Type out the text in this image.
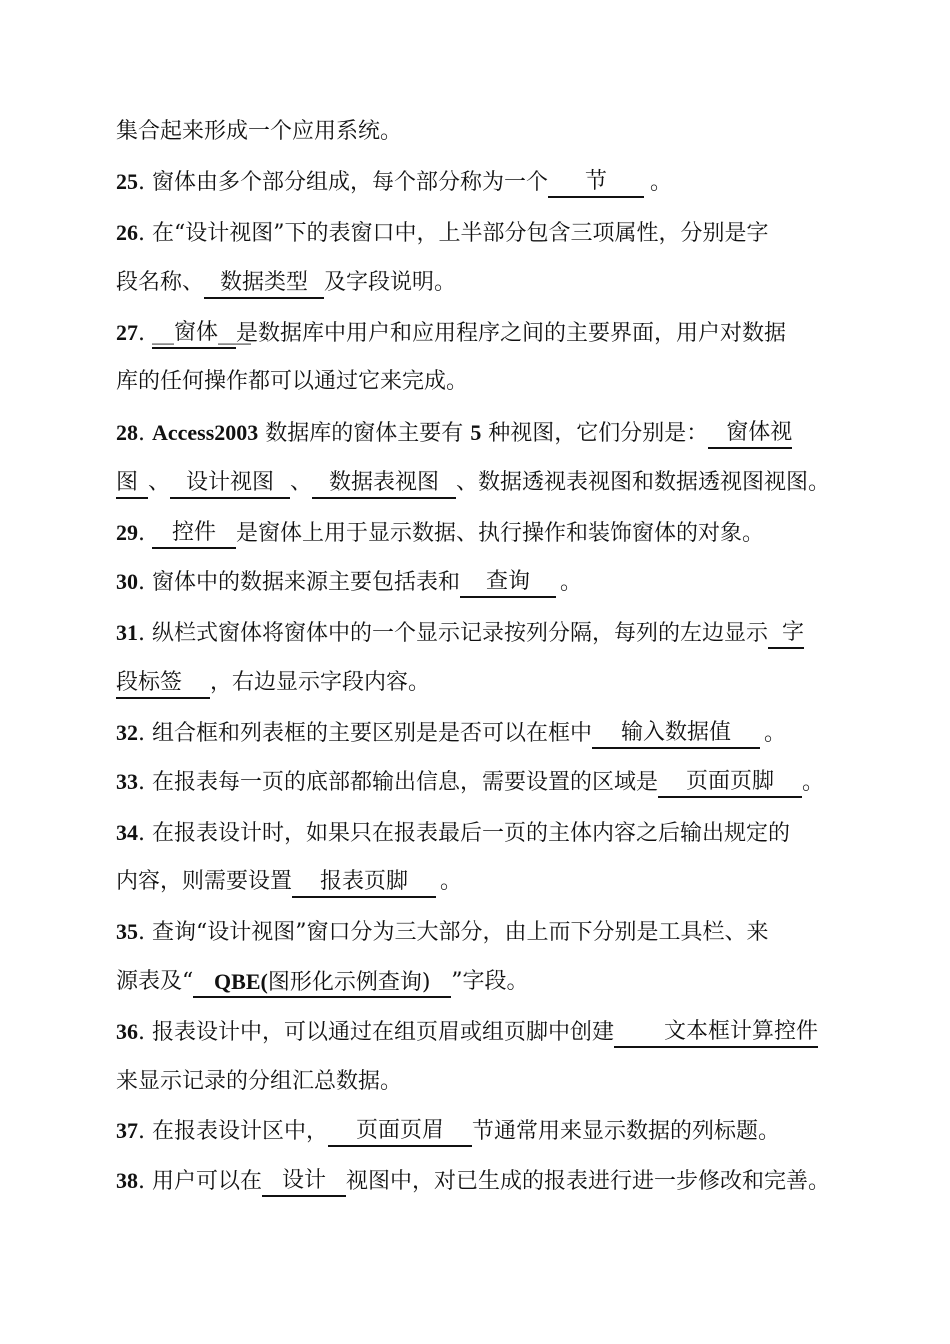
集合起来形成一个应用系统。
25. 窗体由多个部分组成，每个部分称为一个 节 。
26. 在“设计视图”下的表窗口中，上半部分包含三项属性，分别是字
段名称、 数据类型 及字段说明。
27. __窗体___是数据库中用户和应用程序之间的主要界面，用户对数据
库的任何操作都可以通过它来完成。
28. Access2003 数据库的窗体主要有 5 种视图，它们分别是： 窗体视
图 、 设计视图 、 数据表视图 、数据透视表视图和数据透视图视图。
29. 控件 是窗体上用于显示数据、执行操作和装饰窗体的对象。
30. 窗体中的数据来源主要包括表和 查询 。
31. 纵栏式窗体将窗体中的一个显示记录按列分隔，每列的左边显示 字
段标签 ，右边显示字段内容。
32. 组合框和列表框的主要区别是是否可以在框中 输入数据值 。
33. 在报表每一页的底部都输出信息，需要设置的区域是 页面页脚 。
34. 在报表设计时，如果只在报表最后一页的主体内容之后输出规定的
内容，则需要设置 报表页脚 。
35. 查询“设计视图”窗口分为三大部分，由上而下分别是工具栏、来
源表及“ QBE(图形化示例查询) ”字段。
36. 报表设计中，可以通过在组页眉或组页脚中创建 文本框计算控件
来显示记录的分组汇总数据。
37. 在报表设计区中， 页面页眉 节通常用来显示数据的列标题。
38. 用户可以在 设计 视图中，对已生成的报表进行进一步修改和完善。
